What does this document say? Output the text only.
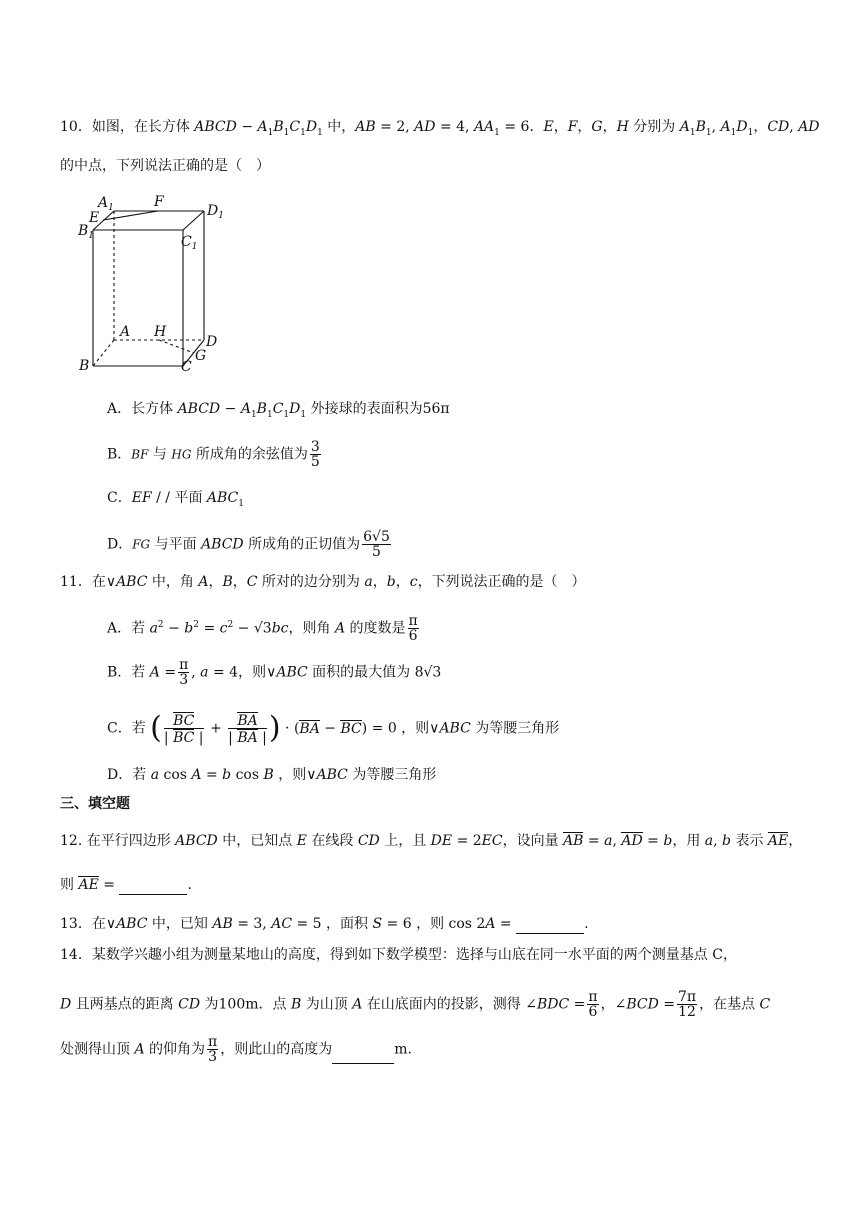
10．如图，在长方体 ABCD − $A_1B_1C_1D_1$ 中，AB = 2, AD = 4, $AA_1 = 6$．E，F，G，H 分别为 $A_1B_1$, $A_1D_1$，CD, AD
的中点，下列说法正确的是（　）
$A_1$	F
$D_1$
E
$B_1$	$C_1$
A H
D
G
B	C
A．长方体 ABCD − $A_1B_1C_1D_1$ 外接球的表面积为56π
B．BF 与 HG 所成角的余弦值为 $\frac{3}{5}$
C．EF / / 平面 $ABC_1$
D．FG 与平面 ABCD 所成角的正切值为 $\frac{6√5}{5}$
11．在∨ABC 中，角 A，B，C 所对的边分别为 a，b，c，下列说法正确的是（　）
A．若 $a^2 - b^2 = c^2 - √3bc$，则角 A 的度数是 $\frac{\pi}{6}$
B．若 $A = \frac{\pi}{3}$ , a = 4，则∨ABC 面积的最大值为 8√3
C．若 ( $\frac{BC}{| BC |} + \frac{BA}{| BA |}$ ) · (BA − BC) = 0 ，则∨ABC 为等腰三角形
D．若 a cos A = b cos B ，则∨ABC 为等腰三角形
三、填空题
12. 在平行四边形 ABCD 中，已知点 E 在线段 CD 上，且 DE = 2EC，设向量 AB = a, AD = b，用 a, b 表示 AE，
则 AE =	.
13．在∨ABC 中，已知 AB = 3, AC = 5 ，面积 S = 6 ，则 cos 2A =	.
14．某数学兴趣小组为测量某地山的高度，得到如下数学模型：选择与山底在同一水平面的两个测量基点 C，
D 且两基点的距离 CD 为100m．点 B 为山顶 A 在山底面内的投影，测得 ∠BDC = $\frac{\pi}{6}$ ，∠BCD = $\frac{7\pi}{12}$ ，在基点 C
处测得山顶 A 的仰角为 $\frac{\pi}{3}$ ，则此山的高度为	m.
